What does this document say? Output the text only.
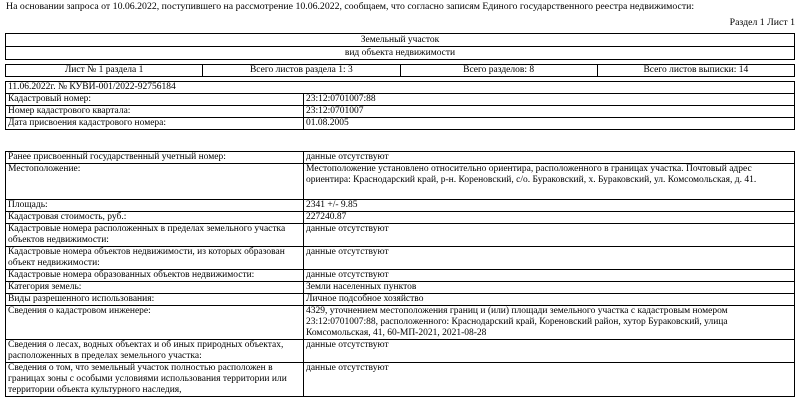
На основании запроса от 10.06.2022, поступившего на рассмотрение 10.06.2022, сообщаем, что согласно записям Единого государственного реестра недвижимости:
Раздел 1 Лист 1
Земельный участок
вид объекта недвижимости
Лист № 1 раздела 1	Всего листов раздела 1: 3	Всего разделов: 8	Всего листов выписки: 14
11.06.2022г. № КУВИ-001/2022-92756184	
Кадастровый номер:	23:12:0701007:88
Номер кадастрового квартала:	23:12:0701007
Дата присвоения кадастрового номера:	01.08.2005
Ранее присвоенный государственный учетный номер:	данные отсутствуют
Местоположение:	Местоположение установлено относительно ориентира, расположенного в границах участка. Почтовый адрес ориентира: Краснодарский край, р-н. Кореновский, с/о. Бураковский, х. Бураковский, ул. Комсомольская, д. 41.
Площадь:	2341 +/- 9.85
Кадастровая стоимость, руб.:	227240.87
Кадастровые номера расположенных в пределах земельного участка объектов недвижимости:	данные отсутствуют
Кадастровые номера объектов недвижимости, из которых образован объект недвижимости:	данные отсутствуют
Кадастровые номера образованных объектов недвижимости:	данные отсутствуют
Категория земель:	Земли населенных пунктов
Виды разрешенного использования:	Личное подсобное хозяйство
Сведения о кадастровом инженере:	4329, уточнением местоположения границ и (или) площади земельного участка с кадастровым номером 23:12:0701007:88, расположенного: Краснодарский край, Кореновский район, хутор Бураковский, улица Комсомольская, 41, 60-МП-2021, 2021-08-28
Сведения о лесах, водных объектах и об иных природных объектах, расположенных в пределах земельного участка:	данные отсутствуют
Сведения о том, что земельный участок полностью расположен в границах зоны с особыми условиями использования территории или территории объекта культурного наследия,	данные отсутствуют
